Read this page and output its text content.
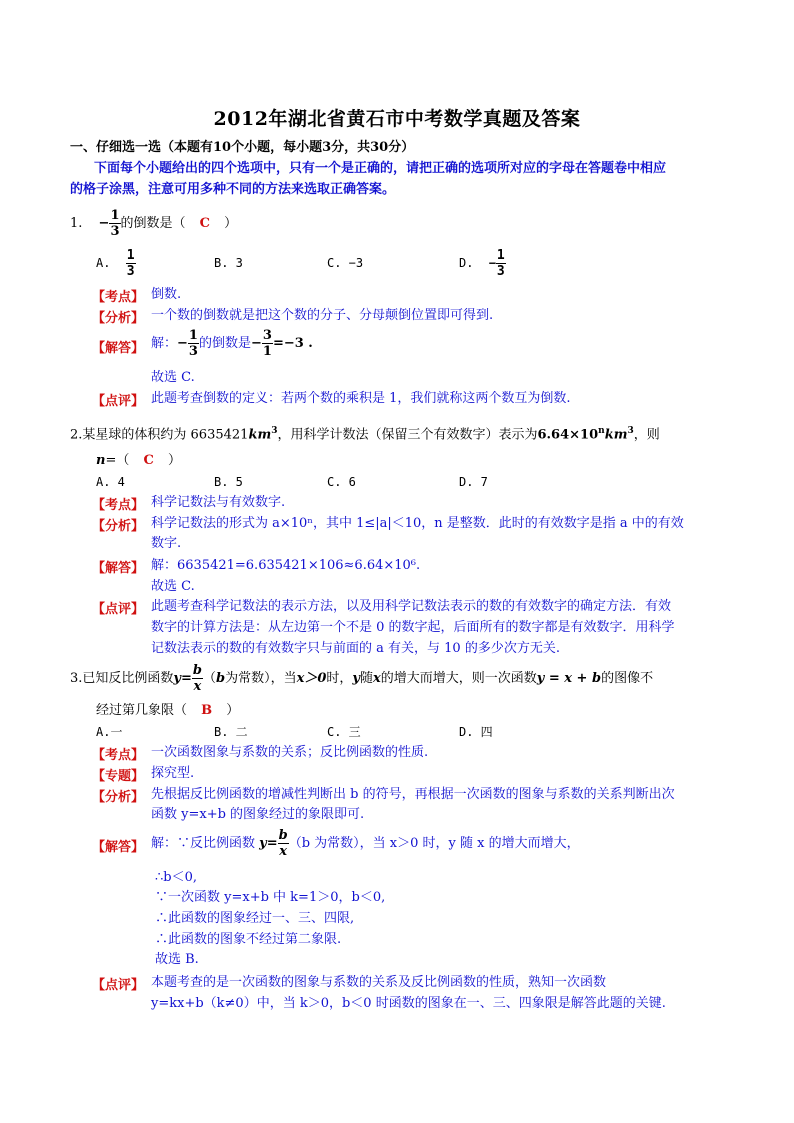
2012年湖北省黄石市中考数学真题及答案
一、仔细选一选（本题有10个小题，每小题3分，共30分）
下面每个小题给出的四个选项中，只有一个是正确的，请把正确的选项所对应的字母在答题卷中相应
的格子涂黑，注意可用多种不同的方法来选取正确答案。
1. − $\frac{1}{3}$ 的倒数是（ C ）
A. $\frac{1}{3}$	B. 3	C. −3	D. − $\frac{1}{3}$
【考点】 倒数.
【分析】 一个数的倒数就是把这个数的分子、分母颠倒位置即可得到.
【解答】 解：− $\frac{1}{3}$ 的倒数是− $\frac{3}{1} =-3$ .
故选 C.
【点评】 此题考查倒数的定义：若两个数的乘积是 1，我们就称这两个数互为倒数.
2.某星球的体积约为 $6635421km^3$，用科学计数法（保留三个有效数字）表示为$6.64\times 10^nkm^3$，则
n=（ C ）
A. 4	B. 5	C. 6	D. 7
【考点】 科学记数法与有效数字.
【分析】 科学记数法的形式为 a×10ⁿ，其中 1≤|a|＜10，n 是整数．此时的有效数字是指 a 中的有效
数字.
【解答】 解：6635421=6.635421×106≈6.64×10⁶.
故选 C.
【点评】 此题考查科学记数法的表示方法，以及用科学记数法表示的数的有效数字的确定方法．有效
数字的计算方法是：从左边第一个不是 0 的数字起，后面所有的数字都是有效数字．用科学
记数法表示的数的有效数字只与前面的 a 有关，与 10 的多少次方无关.
3.已知反比例函数$y= \frac{b}{x} (b$为常数），当x＞0时，y随x的增大而增大，则一次函数y = x + b的图像不
经过第几象限（ B ）
A.一	B. 二	C. 三	D. 四
【考点】 一次函数图象与系数的关系；反比例函数的性质.
【专题】 探究型.
【分析】 先根据反比例函数的增减性判断出 b 的符号，再根据一次函数的图象与系数的关系判断出次
函数 y=x+b 的图象经过的象限即可.
【解答】 解：∵反比例函数 $y= \frac{b}{x} (b$ 为常数），当 x＞0 时，y 随 x 的增大而增大，
∴b＜0,
∵一次函数 y=x+b 中 k=1＞0，b＜0,
∴此函数的图象经过一、三、四限,
∴此函数的图象不经过第二象限.
故选 B.
【点评】 本题考查的是一次函数的图象与系数的关系及反比例函数的性质，熟知一次函数
y=kx+b（k≠0）中，当 k＞0，b＜0 时函数的图象在一、三、四象限是解答此题的关键.
